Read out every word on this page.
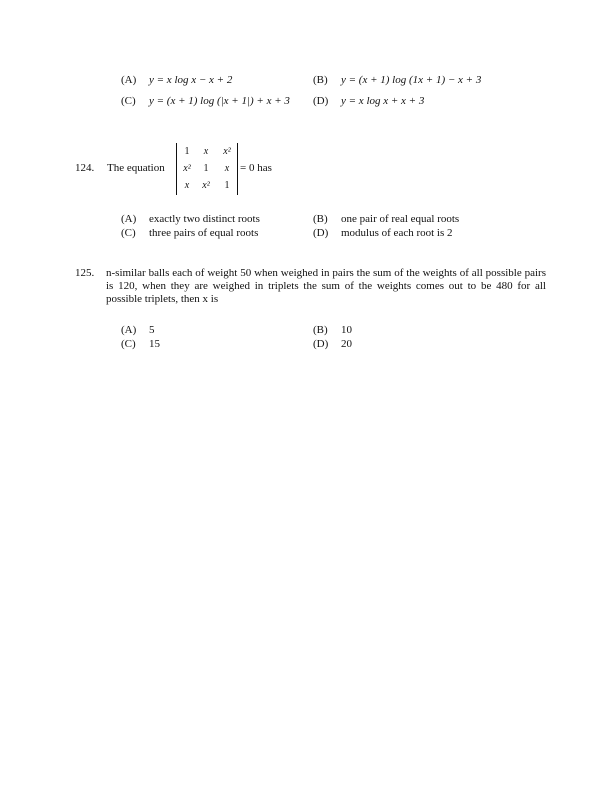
(A) y = x log x − x + 2	(B) y = (x + 1) log (1x + 1) − x + 3
(C) y = (x + 1) log (|x + 1|) + x + 3 (D) y = x log x + x + 3
124. The equation
1	x	x²
x²	1	x
x	x²	1
= 0 has
(A) exactly two distinct roots	(B) one pair of real equal roots
(C) three pairs of equal roots	(D) modulus of each root is 2
125. n-similar balls each of weight 50 when weighed in pairs the sum of the weights of all possible pairs is 120, when they are weighed in triplets the sum of the weights comes out to be 480 for all possible triplets, then x is
(A) 5	(B) 10
(C) 15	(D) 20
